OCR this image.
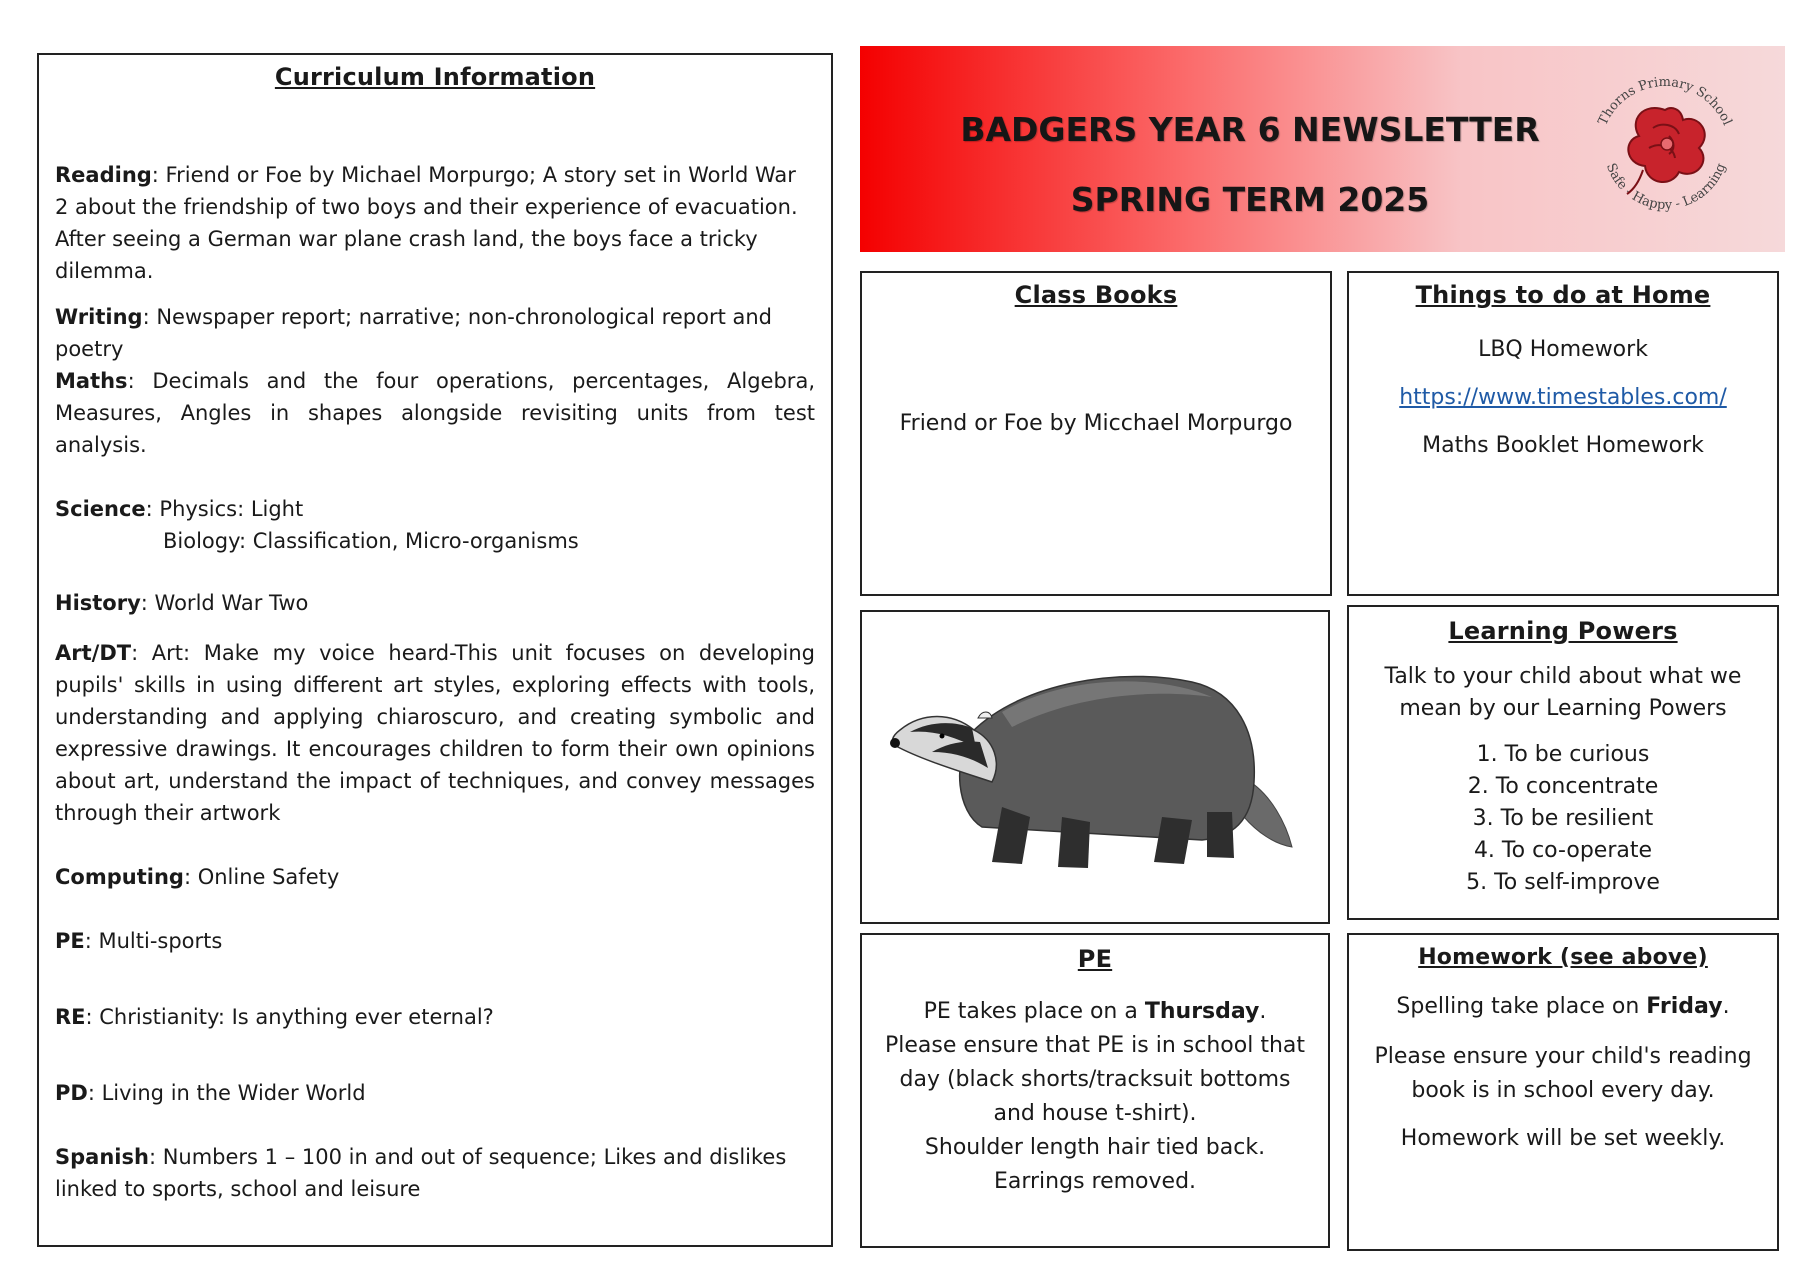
Curriculum Information

Reading: Friend or Foe by Michael Morpurgo; A story set in World War 2 about the friendship of two boys and their experience of evacuation. After seeing a German war plane crash land, the boys face a tricky dilemma.

Writing: Newspaper report; narrative; non-chronological report and poetry

Maths: Decimals and the four operations, percentages, Algebra, Measures, Angles in shapes alongside revisiting units from test analysis.

Science: Physics: Light

Biology: Classification, Micro-organisms

History: World War Two

Art/DT: Art: Make my voice heard-This unit focuses on developing pupils' skills in using different art styles, exploring effects with tools, understanding and applying chiaroscuro, and creating symbolic and expressive drawings. It encourages children to form their own opinions about art, understand the impact of techniques, and convey messages through their artwork

Computing: Online Safety

PE: Multi-sports

RE: Christianity: Is anything ever eternal?

PD: Living in the Wider World

Spanish: Numbers 1 – 100 in and out of sequence; Likes and dislikes linked to sports, school and leisure

BADGERS YEAR 6 NEWSLETTER
SPRING TERM 2025
Thorns Primary School
Safe - Happy - Learning
Class Books
Friend or Foe by Micchael Morpurgo
Things to do at Home
LBQ Homework
https://www.timestables.com/
Maths Booklet Homework
Learning Powers
Talk to your child about what we mean by our Learning Powers
1. To be curious
2. To concentrate
3. To be resilient
4. To co-operate
5. To self-improve
PE
PE takes place on a Thursday.
Please ensure that PE is in school that day (black shorts/tracksuit bottoms and house t-shirt).
Shoulder length hair tied back.
Earrings removed.
Homework (see above)
Spelling take place on Friday.
Please ensure your child's reading book is in school every day.
Homework will be set weekly.
